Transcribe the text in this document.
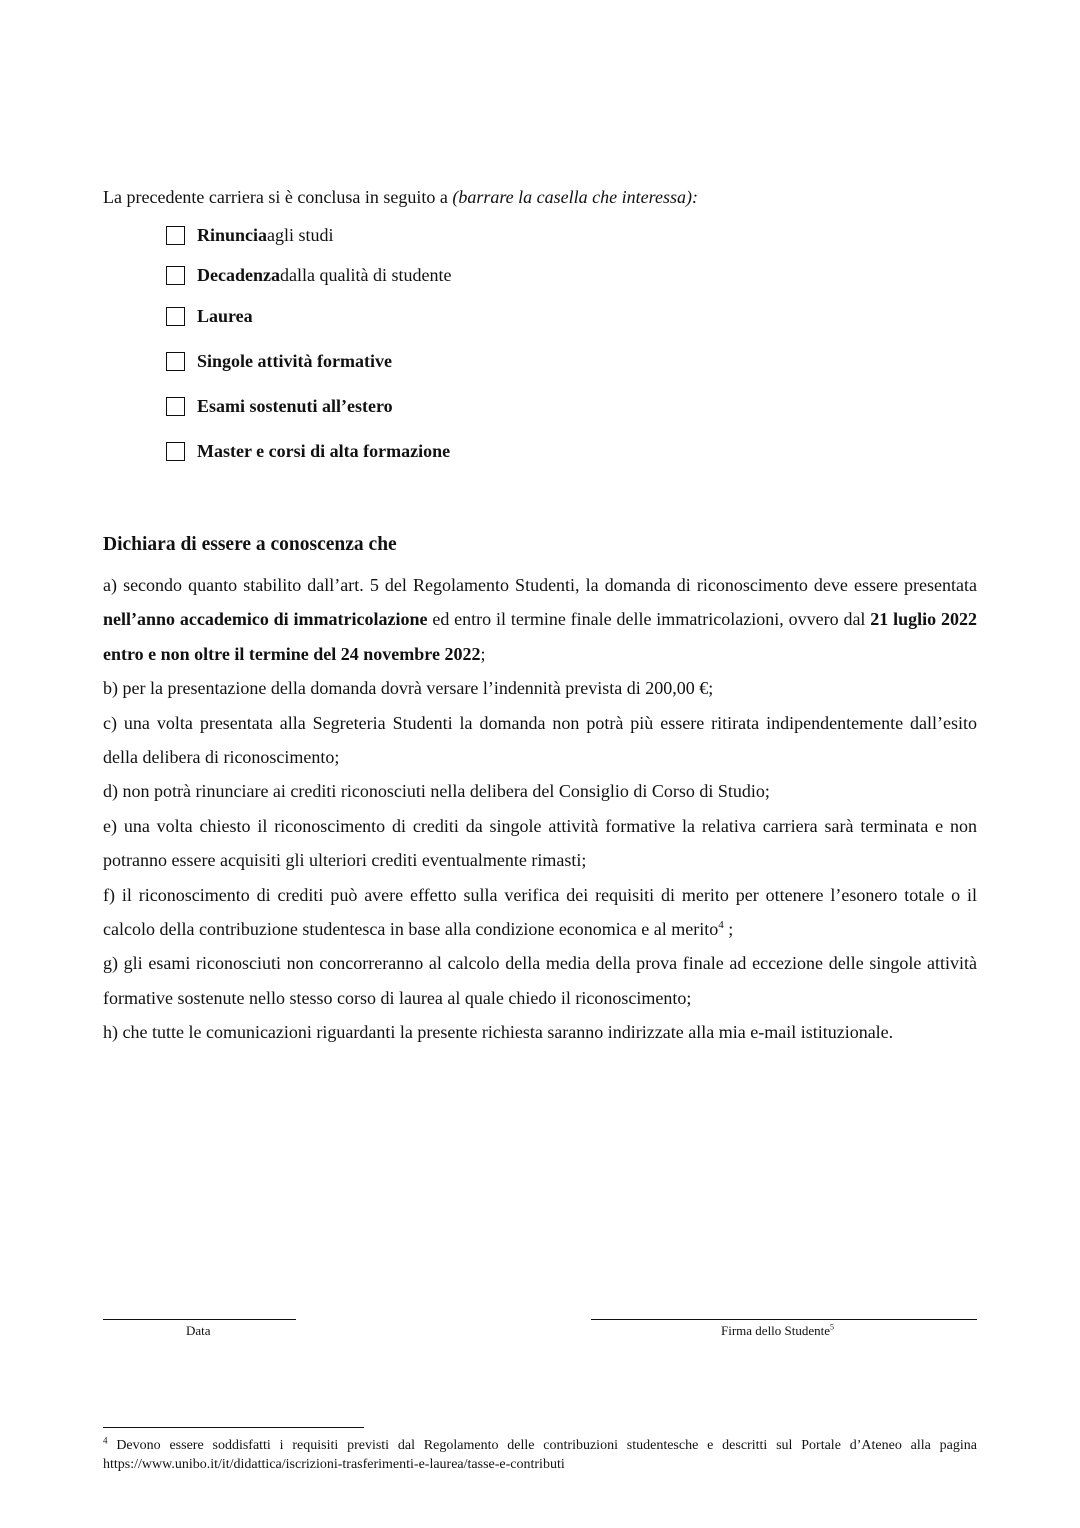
La precedente carriera si è conclusa in seguito a (barrare la casella che interessa):
Rinuncia agli studi
Decadenza dalla qualità di studente
Laurea
Singole attività formative
Esami sostenuti all’estero
Master e corsi di alta formazione
Dichiara di essere a conoscenza che

a) secondo quanto stabilito dall’art. 5 del Regolamento Studenti, la domanda di riconoscimento deve essere presentata nell’anno accademico di immatricolazione ed entro il termine finale delle immatricolazioni, ovvero dal 21 luglio 2022 entro e non oltre il termine del 24 novembre 2022;

b) per la presentazione della domanda dovrà versare l’indennità prevista di 200,00 €;

c) una volta presentata alla Segreteria Studenti la domanda non potrà più essere ritirata indipendentemente dall’esito della delibera di riconoscimento;

d) non potrà rinunciare ai crediti riconosciuti nella delibera del Consiglio di Corso di Studio;

e) una volta chiesto il riconoscimento di crediti da singole attività formative la relativa carriera sarà terminata e non potranno essere acquisiti gli ulteriori crediti eventualmente rimasti;

f) il riconoscimento di crediti può avere effetto sulla verifica dei requisiti di merito per ottenere l’esonero totale o il calcolo della contribuzione studentesca in base alla condizione economica e al merito$^4$ ;

g) gli esami riconosciuti non concorreranno al calcolo della media della prova finale ad eccezione delle singole attività formative sostenute nello stesso corso di laurea al quale chiedo il riconoscimento;

h) che tutte le comunicazioni riguardanti la presente richiesta saranno indirizzate alla mia e-mail istituzionale.

Data	Firma dello Studente$^5$
$^4$ Devono essere soddisfatti i requisiti previsti dal Regolamento delle contribuzioni studentesche e descritti sul Portale d’Ateneo alla pagina https://www.unibo.it/it/didattica/iscrizioni-trasferimenti-e-laurea/tasse-e-contributi
